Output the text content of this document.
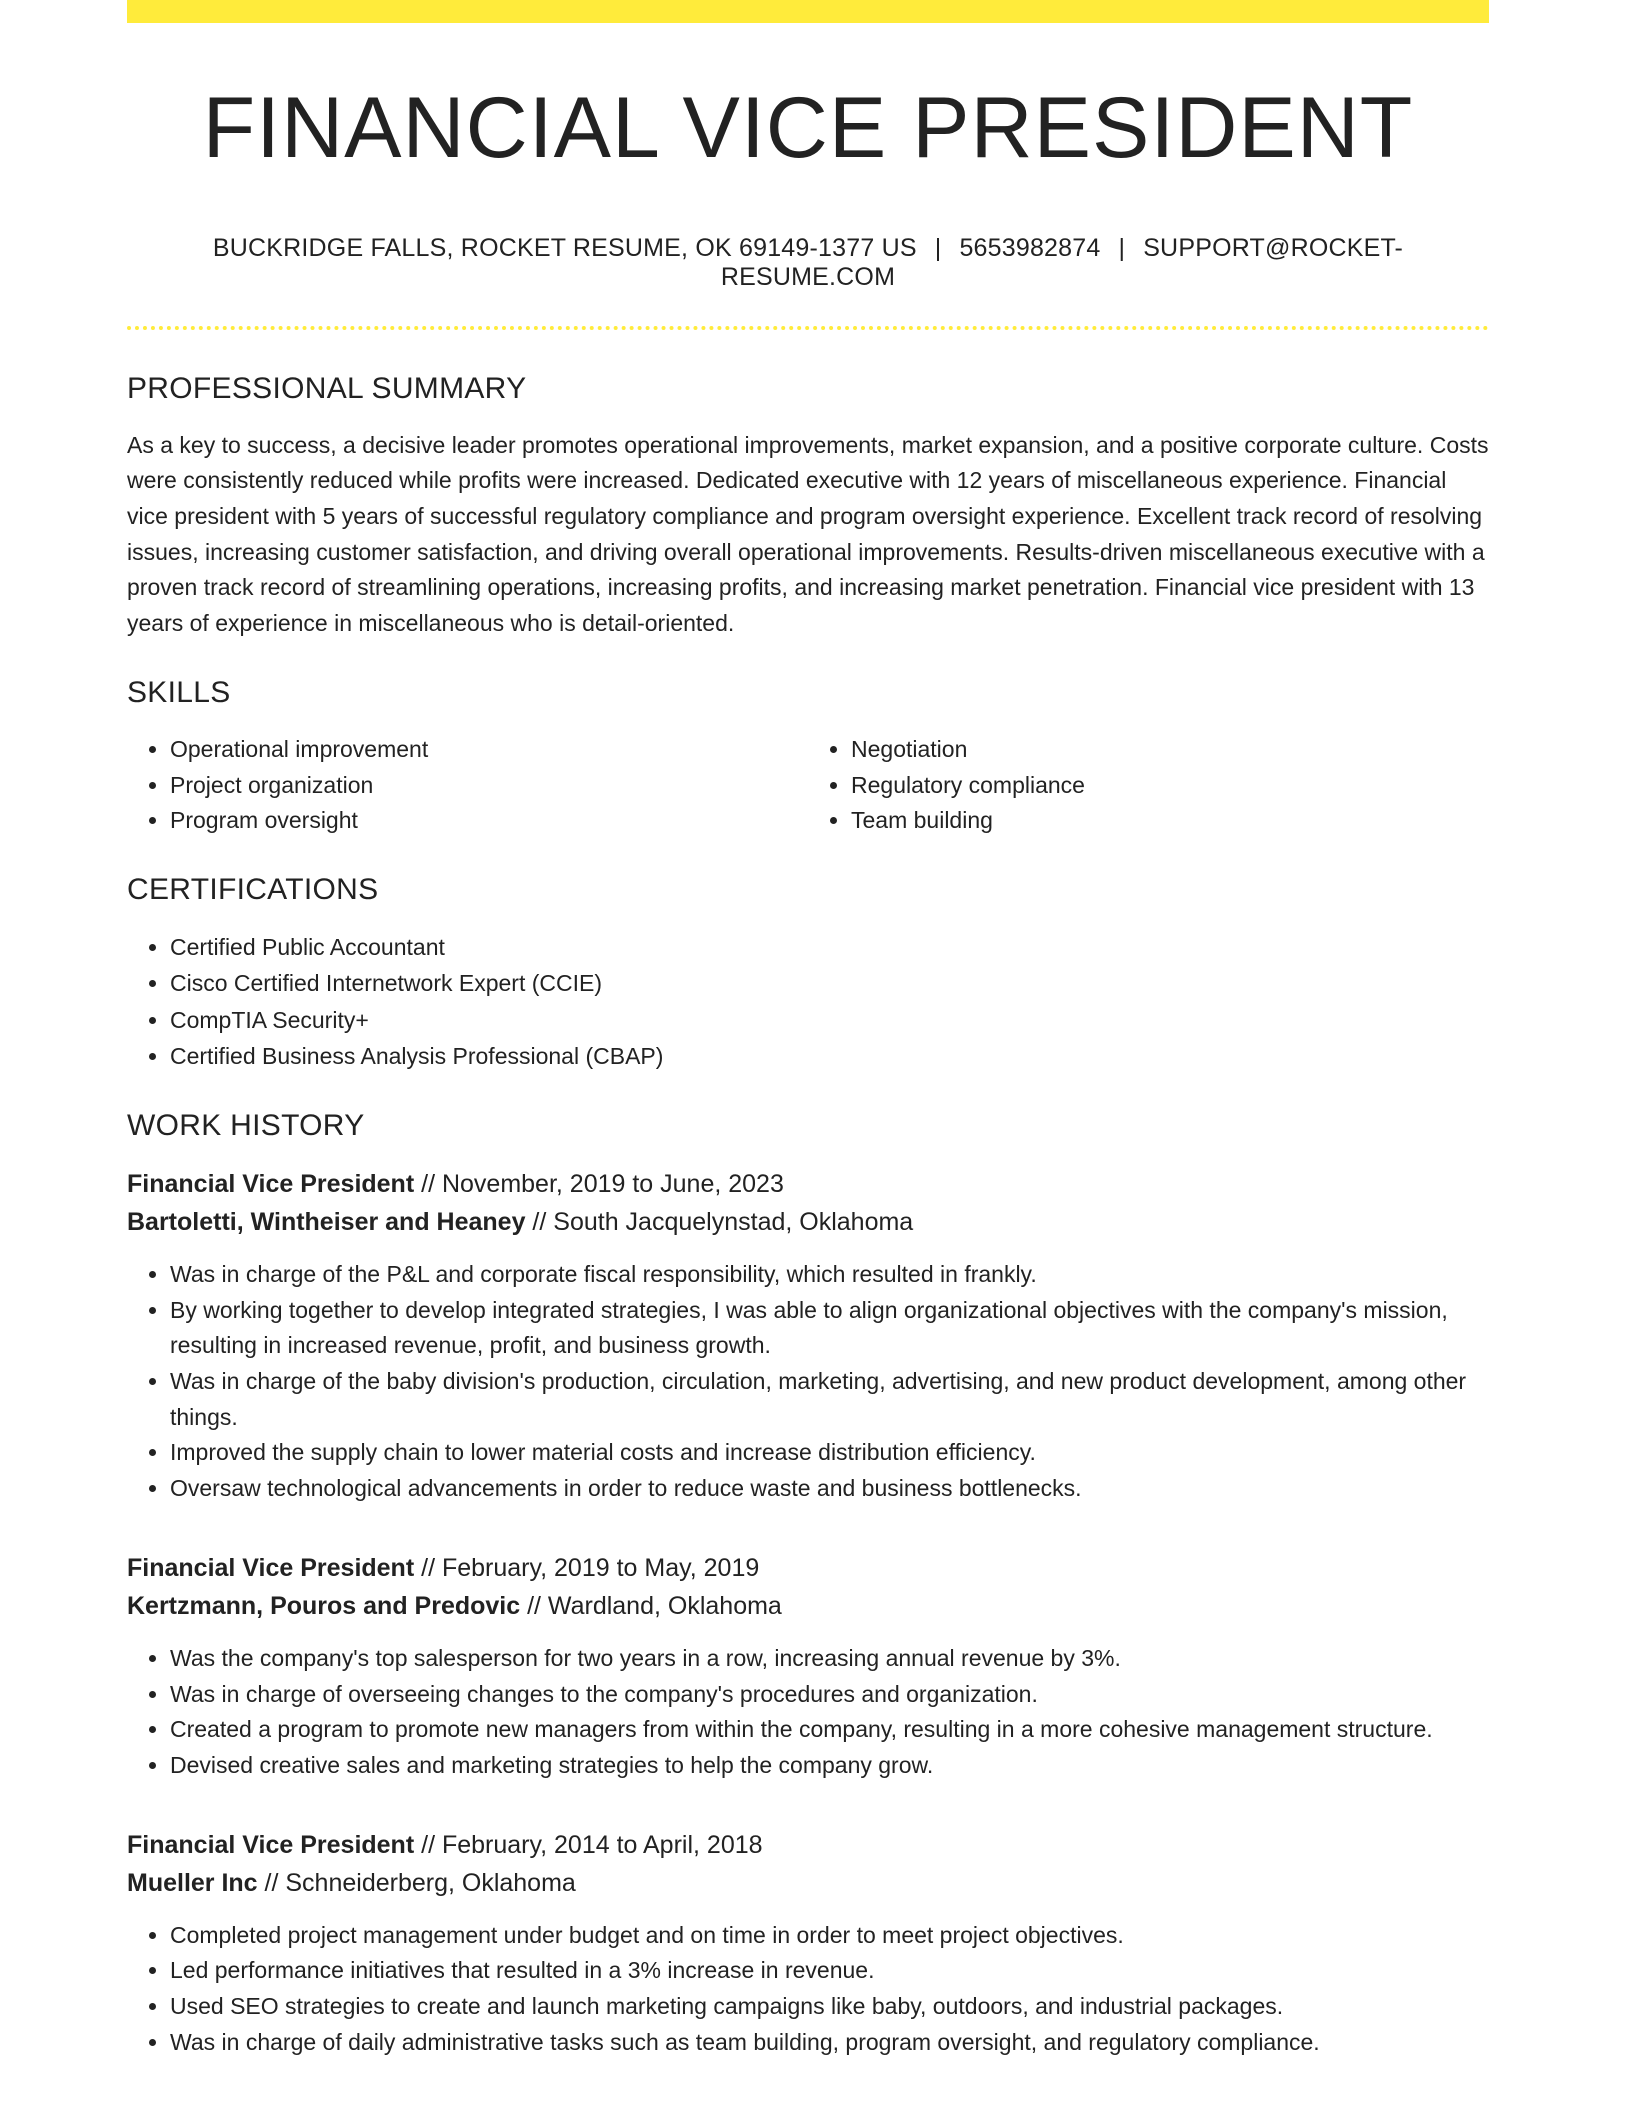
FINANCIAL VICE PRESIDENT
BUCKRIDGE FALLS, ROCKET RESUME, OK 69149-1377 US | 5653982874 | SUPPORT@ROCKET-RESUME.COM
PROFESSIONAL SUMMARY
As a key to success, a decisive leader promotes operational improvements, market expansion, and a positive corporate culture. Costs were consistently reduced while profits were increased. Dedicated executive with 12 years of miscellaneous experience. Financial vice president with 5 years of successful regulatory compliance and program oversight experience. Excellent track record of resolving issues, increasing customer satisfaction, and driving overall operational improvements. Results-driven miscellaneous executive with a proven track record of streamlining operations, increasing profits, and increasing market penetration. Financial vice president with 13 years of experience in miscellaneous who is detail-oriented.
SKILLS
• Operational improvement
• Project organization
• Program oversight
• Negotiation
• Regulatory compliance
• Team building
CERTIFICATIONS
• Certified Public Accountant
• Cisco Certified Internetwork Expert (CCIE)
• CompTIA Security+
• Certified Business Analysis Professional (CBAP)
WORK HISTORY
Financial Vice President // November, 2019 to June, 2023
Bartoletti, Wintheiser and Heaney // South Jacquelynstad, Oklahoma
• Was in charge of the P&L and corporate fiscal responsibility, which resulted in frankly.
• By working together to develop integrated strategies, I was able to align organizational objectives with the company's mission, resulting in increased revenue, profit, and business growth.
• Was in charge of the baby division's production, circulation, marketing, advertising, and new product development, among other things.
• Improved the supply chain to lower material costs and increase distribution efficiency.
• Oversaw technological advancements in order to reduce waste and business bottlenecks.
Financial Vice President // February, 2019 to May, 2019
Kertzmann, Pouros and Predovic // Wardland, Oklahoma
• Was the company's top salesperson for two years in a row, increasing annual revenue by 3%.
• Was in charge of overseeing changes to the company's procedures and organization.
• Created a program to promote new managers from within the company, resulting in a more cohesive management structure.
• Devised creative sales and marketing strategies to help the company grow.
Financial Vice President // February, 2014 to April, 2018
Mueller Inc // Schneiderberg, Oklahoma
• Completed project management under budget and on time in order to meet project objectives.
• Led performance initiatives that resulted in a 3% increase in revenue.
• Used SEO strategies to create and launch marketing campaigns like baby, outdoors, and industrial packages.
• Was in charge of daily administrative tasks such as team building, program oversight, and regulatory compliance.
